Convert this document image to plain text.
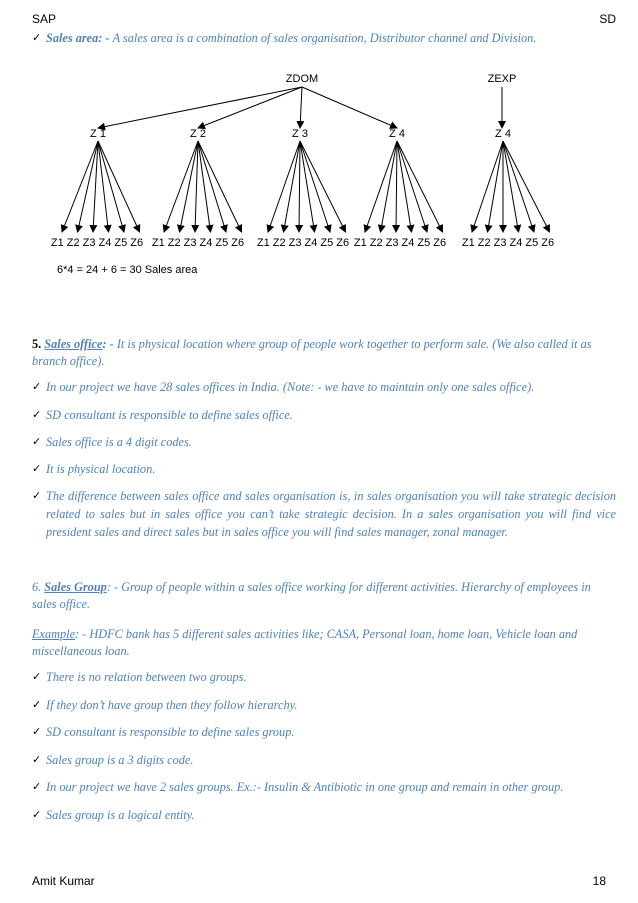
SAP	SD
✓ Sales area: - A sales area is a combination of sales organisation, Distributor channel and Division.
ZDOM	ZEXP
Z 1	Z 2	Z 3	Z 4	Z 4
Z1 Z2 Z3 Z4 Z5 Z6 Z1 Z2 Z3 Z4 Z5 Z6 Z1 Z2 Z3 Z4 Z5 Z6 Z1 Z2 Z3 Z4 Z5 Z6 Z1 Z2 Z3 Z4 Z5 Z6
6*4 = 24 + 6 = 30 Sales area
5. Sales office: - It is physical location where group of people work together to perform sale. (We also called it as branch office).
✓ In our project we have 28 sales offices in India. (Note: - we have to maintain only one sales office).
✓ SD consultant is responsible to define sales office.
✓ Sales office is a 4 digit codes.
✓ It is physical location.
✓ The difference between sales office and sales organisation is, in sales organisation you will take strategic decision related to sales but in sales office you can’t take strategic decision. In a sales organisation you will find vice president sales and direct sales but in sales office you will find sales manager, zonal manager.
6. Sales Group: - Group of people within a sales office working for different activities. Hierarchy of employees in sales office.
Example: - HDFC bank has 5 different sales activities like; CASA, Personal loan, home loan, Vehicle loan and miscellaneous loan.
✓ There is no relation between two groups.
✓ If they don’t have group then they follow hierarchy.
✓ SD consultant is responsible to define sales group.
✓ Sales group is a 3 digits code.
✓ In our project we have 2 sales groups. Ex.:- Insulin & Antibiotic in one group and remain in other group.
✓ Sales group is a logical entity.
Amit Kumar	18
